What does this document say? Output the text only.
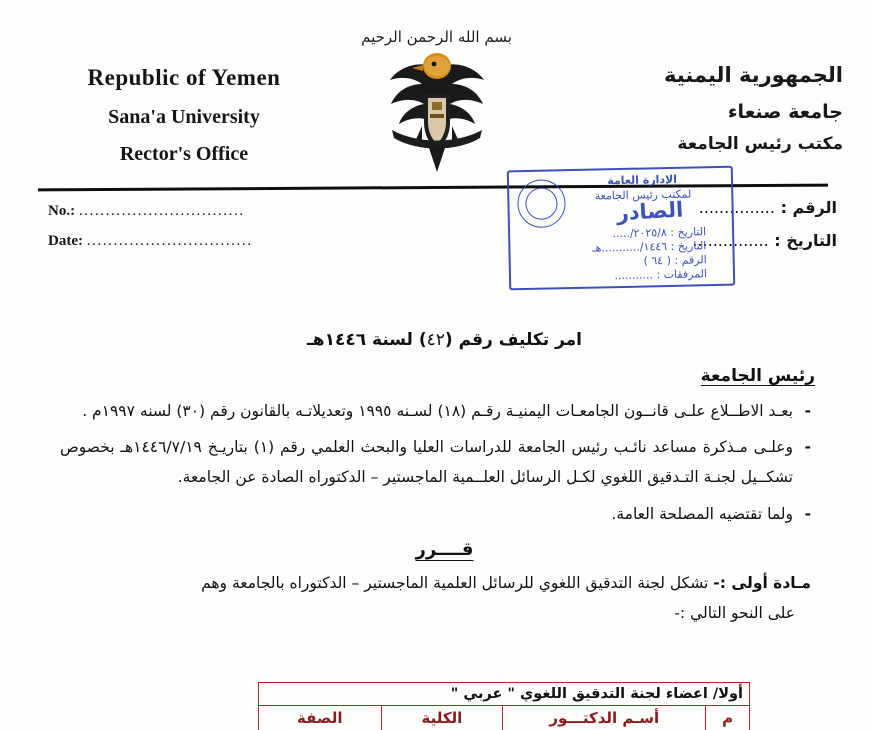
Republic of Yemen
Sana'a University
Rector's Office
الجمهورية اليمنية
جامعة صنعاء
مكتب رئيس الجامعة
بسم الله الرحمن الرحيم
No.: ...............................
Date: ...............................
الرقم : ...............
التاريخ : ...............
الإدارة العامة
لمكتب رئيس الجامعة
الصادر
التاريخ : ٢٠٢٥/٨/.....
التاريخ : ١٤٤٦/...........هـ
الرقم : ( ٦٤ )
المرفقات : ...........
امر تكليف رقم (٤٢) لسنة ١٤٤٦هـ
رئيس الجامعة
- بعـد الاطــلاع علـى قانــون الجامعـات اليمنيـة رقـم (١٨) لسـنه ١٩٩٥ وتعديلاتـه بالقانون رقم (٣٠) لسنه ١٩٩٧م .
- وعلـى مـذكرة مساعد نائـب رئيس الجامعة للدراسات العليا والبحث العلمي رقم (١) بتاريـخ ١٤٤٦/٧/١٩هـ بخصوص تشكــيل لجنـة التـدقيق اللغوي لكـل الرسائل العلــمية الماجستير – الدكتوراه الصادة عن الجامعة.
- ولما تقتضيه المصلحة العامة.
قــــرر
مـادة أولى :- تشكل لجنة التدقيق اللغوي للرسائل العلمية الماجستير – الدكتوراه بالجامعة وهم
على النحو التالي :-
أولا/ اعضاء لجنة التدقيق اللغوي " عربي "
م	أسـم الدكتـــور	الكلية	الصفة
